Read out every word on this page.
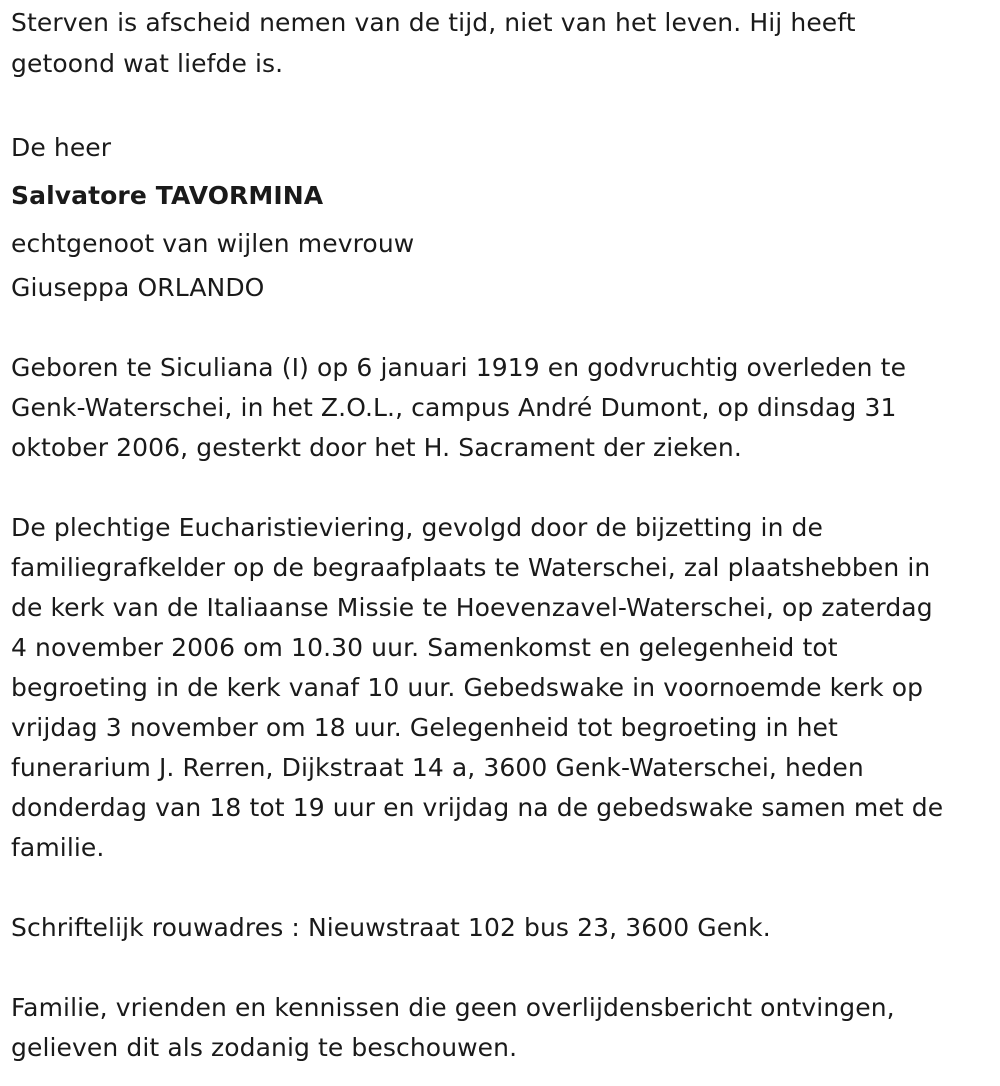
Sterven is afscheid nemen van de tijd, niet van het leven. Hij heeft
getoond wat liefde is.

De heer
Salvatore TAVORMINA
echtgenoot van wijlen mevrouw
Giuseppa ORLANDO

Geboren te Siculiana (I) op 6 januari 1919 en godvruchtig overleden te
Genk-Waterschei, in het Z.O.L., campus André Dumont, op dinsdag 31
oktober 2006, gesterkt door het H. Sacrament der zieken.

De plechtige Eucharistieviering, gevolgd door de bijzetting in de
familiegrafkelder op de begraafplaats te Waterschei, zal plaatshebben in
de kerk van de Italiaanse Missie te Hoevenzavel-Waterschei, op zaterdag
4 november 2006 om 10.30 uur. Samenkomst en gelegenheid tot
begroeting in de kerk vanaf 10 uur. Gebedswake in voornoemde kerk op
vrijdag 3 november om 18 uur. Gelegenheid tot begroeting in het
funerarium J. Rerren, Dijkstraat 14 a, 3600 Genk-Waterschei, heden
donderdag van 18 tot 19 uur en vrijdag na de gebedswake samen met de
familie.

Schriftelijk rouwadres : Nieuwstraat 102 bus 23, 3600 Genk.

Familie, vrienden en kennissen die geen overlijdensbericht ontvingen,
gelieven dit als zodanig te beschouwen.
